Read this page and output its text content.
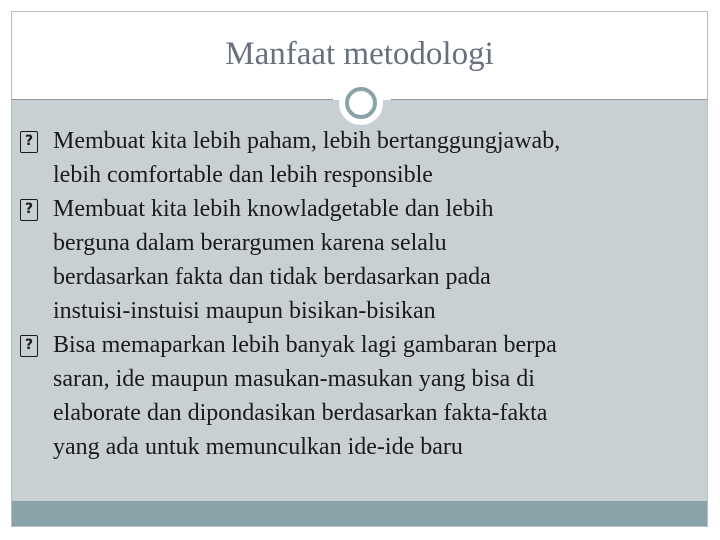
Manfaat metodologi
? Membuat kita lebih paham, lebih bertanggungjawab,
lebih comfortable dan lebih responsible
? Membuat kita lebih knowladgetable dan lebih
berguna dalam berargumen karena selalu
berdasarkan fakta dan tidak berdasarkan pada
instuisi-instuisi maupun bisikan-bisikan
? Bisa memaparkan lebih banyak lagi gambaran berpa
saran, ide maupun masukan-masukan yang bisa di
elaborate dan dipondasikan berdasarkan fakta-fakta
yang ada untuk memunculkan ide-ide baru
